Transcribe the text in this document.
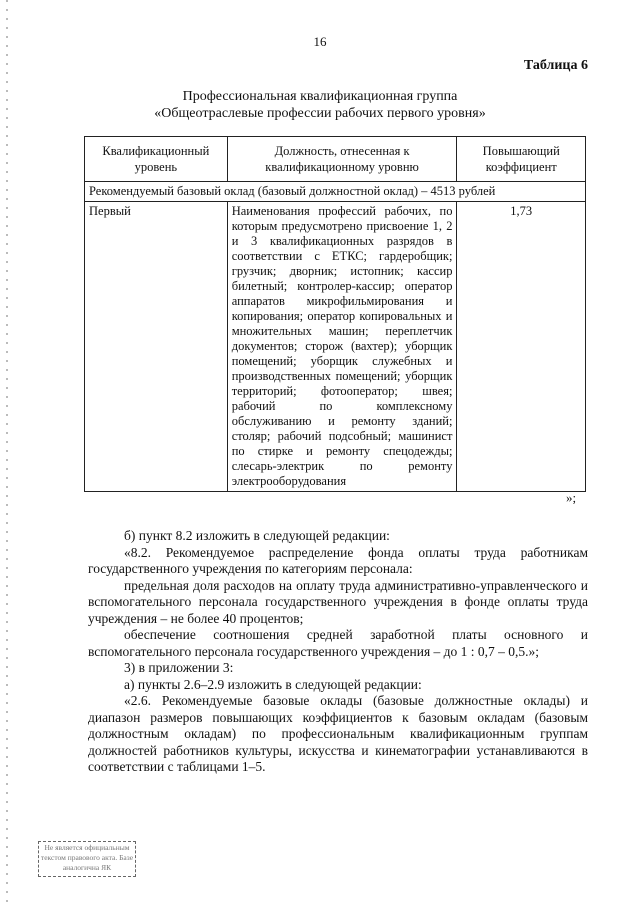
16
Таблица 6
Профессиональная квалификационная группа
«Общеотраслевые профессии рабочих первого уровня»
Квалификационный уровень	Должность, отнесенная к квалификационному уровню	Повышающий коэффициент
Рекомендуемый базовый оклад (базовый должностной оклад) – 4513 рублей		
Первый	Наименования профессий рабочих, по которым предусмотрено присвоение 1, 2 и 3 квалификационных разрядов в соответствии с ЕТКС; гардеробщик; грузчик; дворник; истопник; кассир билетный; контролер-кассир; оператор аппаратов микрофильмирования и копирования; оператор копировальных и множительных машин; переплетчик документов; сторож (вахтер); уборщик помещений; уборщик служебных и производственных помещений; уборщик территорий; фотооператор; швея; рабочий по комплексному обслуживанию и ремонту зданий; столяр; рабочий подсобный; машинист по стирке и ремонту спецодежды; слесарь-электрик по ремонту электрооборудования	1,73
»;

б) пункт 8.2 изложить в следующей редакции:

«8.2. Рекомендуемое распределение фонда оплаты труда работникам государственного учреждения по категориям персонала:

предельная доля расходов на оплату труда административно-управленческого и вспомогательного персонала государственного учреждения в фонде оплаты труда учреждения – не более 40 процентов;

обеспечение соотношения средней заработной платы основного и вспомогательного персонала государственного учреждения – до 1 : 0,7 – 0,5.»;

3) в приложении 3:

а) пункты 2.6–2.9 изложить в следующей редакции:

«2.6. Рекомендуемые базовые оклады (базовые должностные оклады) и диапазон размеров повышающих коэффициентов к базовым окладам (базовым должностным окладам) по профессиональным квалификационным группам должностей работников культуры, искусства и кинематографии устанавливаются в соответствии с таблицами 1–5.

Не является официальным текстом правового акта. Базе аналогична ЯК
